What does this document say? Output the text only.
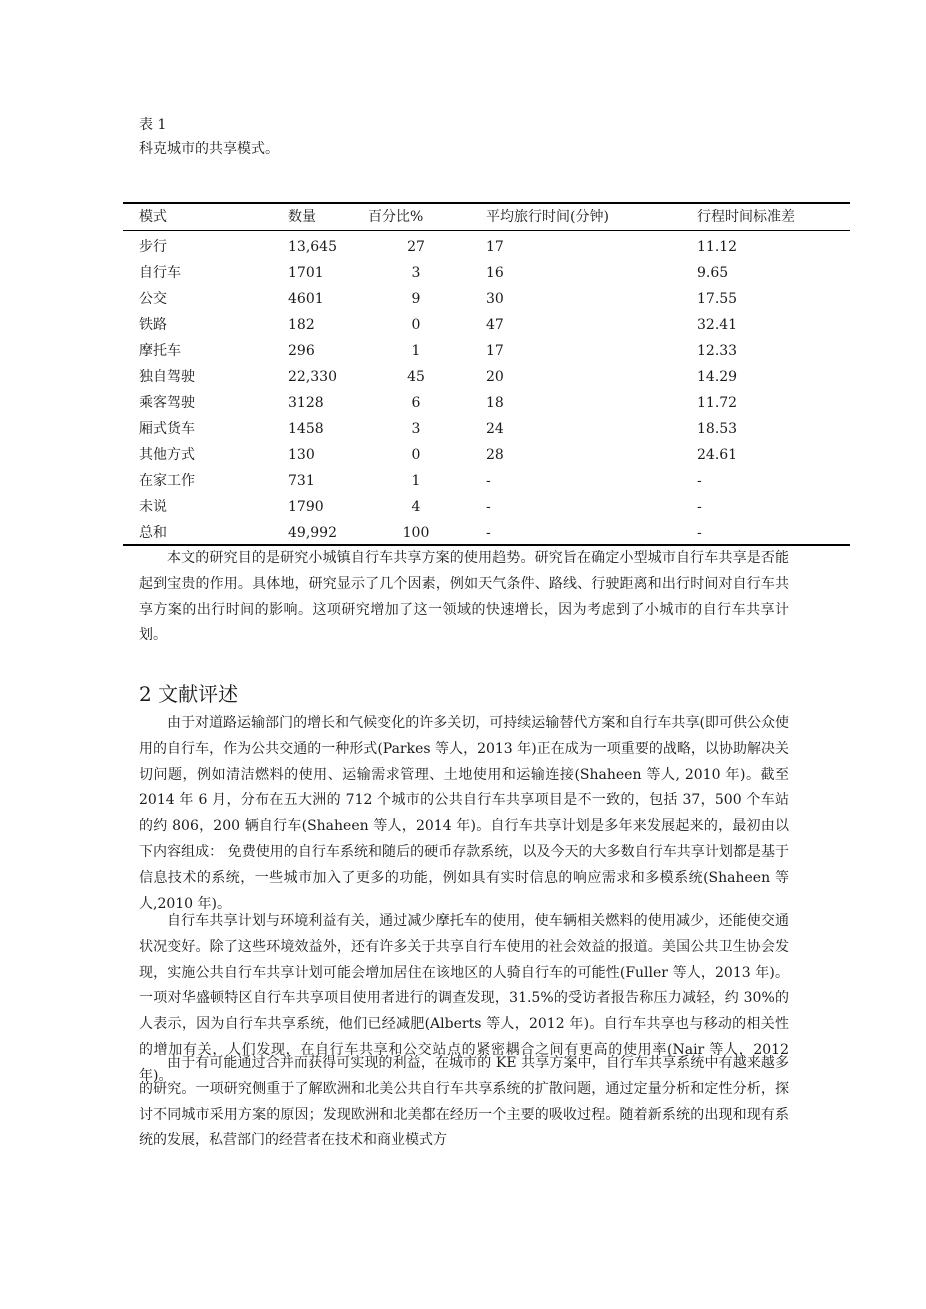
表 1
科克城市的共享模式。
模式	数量	百分比%	平均旅行时间(分钟)	行程时间标准差
步行	13,645	27	17	11.12
自行车	1701	3	16	9.65
公交	4601	9	30	17.55
铁路	182	0	47	32.41
摩托车	296	1	17	12.33
独自驾驶	22,330	45	20	14.29
乘客驾驶	3128	6	18	11.72
厢式货车	1458	3	24	18.53
其他方式	130	0	28	24.61
在家工作	731	1	-	-
未说	1790	4	-	-
总和	49,992	100	-	-

本文的研究目的是研究小城镇自行车共享方案的使用趋势。研究旨在确定小型城市自行车共享是否能起到宝贵的作用。具体地，研究显示了几个因素，例如天气条件、路线、行驶距离和出行时间对自行车共享方案的出行时间的影响。这项研究增加了这一领域的快速增长，因为考虑到了小城市的自行车共享计划。

2 文献评述

由于对道路运输部门的增长和气候变化的许多关切，可持续运输替代方案和自行车共享(即可供公众使用的自行车，作为公共交通的一种形式(Parkes 等人，2013 年)正在成为一项重要的战略，以协助解决关切问题，例如清洁燃料的使用、运输需求管理、土地使用和运输连接(Shaheen 等人, 2010 年)。截至 2014 年 6 月，分布在五大洲的 712 个城市的公共自行车共享项目是不一致的，包括 37，500 个车站的约 806，200 辆自行车(Shaheen 等人，2014 年)。自行车共享计划是多年来发展起来的，最初由以下内容组成： 免费使用的自行车系统和随后的硬币存款系统，以及今天的大多数自行车共享计划都是基于信息技术的系统，一些城市加入了更多的功能，例如具有实时信息的响应需求和多模系统(Shaheen 等人,2010 年)。

自行车共享计划与环境利益有关，通过减少摩托车的使用，使车辆相关燃料的使用减少，还能使交通状况变好。除了这些环境效益外，还有许多关于共享自行车使用的社会效益的报道。美国公共卫生协会发现，实施公共自行车共享计划可能会增加居住在该地区的人骑自行车的可能性(Fuller 等人，2013 年)。一项对华盛顿特区自行车共享项目使用者进行的调查发现，31.5%的受访者报告称压力减轻，约 30%的人表示，因为自行车共享系统，他们已经减肥(Alberts 等人，2012 年)。自行车共享也与移动的相关性的增加有关，人们发现，在自行车共享和公交站点的紧密耦合之间有更高的使用率(Nair 等人，2012 年)。

由于有可能通过合并而获得可实现的利益，在城市的 KE 共享方案中，自行车共享系统中有越来越多的研究。一项研究侧重于了解欧洲和北美公共自行车共享系统的扩散问题，通过定量分析和定性分析，探讨不同城市采用方案的原因；发现欧洲和北美都在经历一个主要的吸收过程。随着新系统的出现和现有系统的发展，私营部门的经营者在技术和商业模式方
